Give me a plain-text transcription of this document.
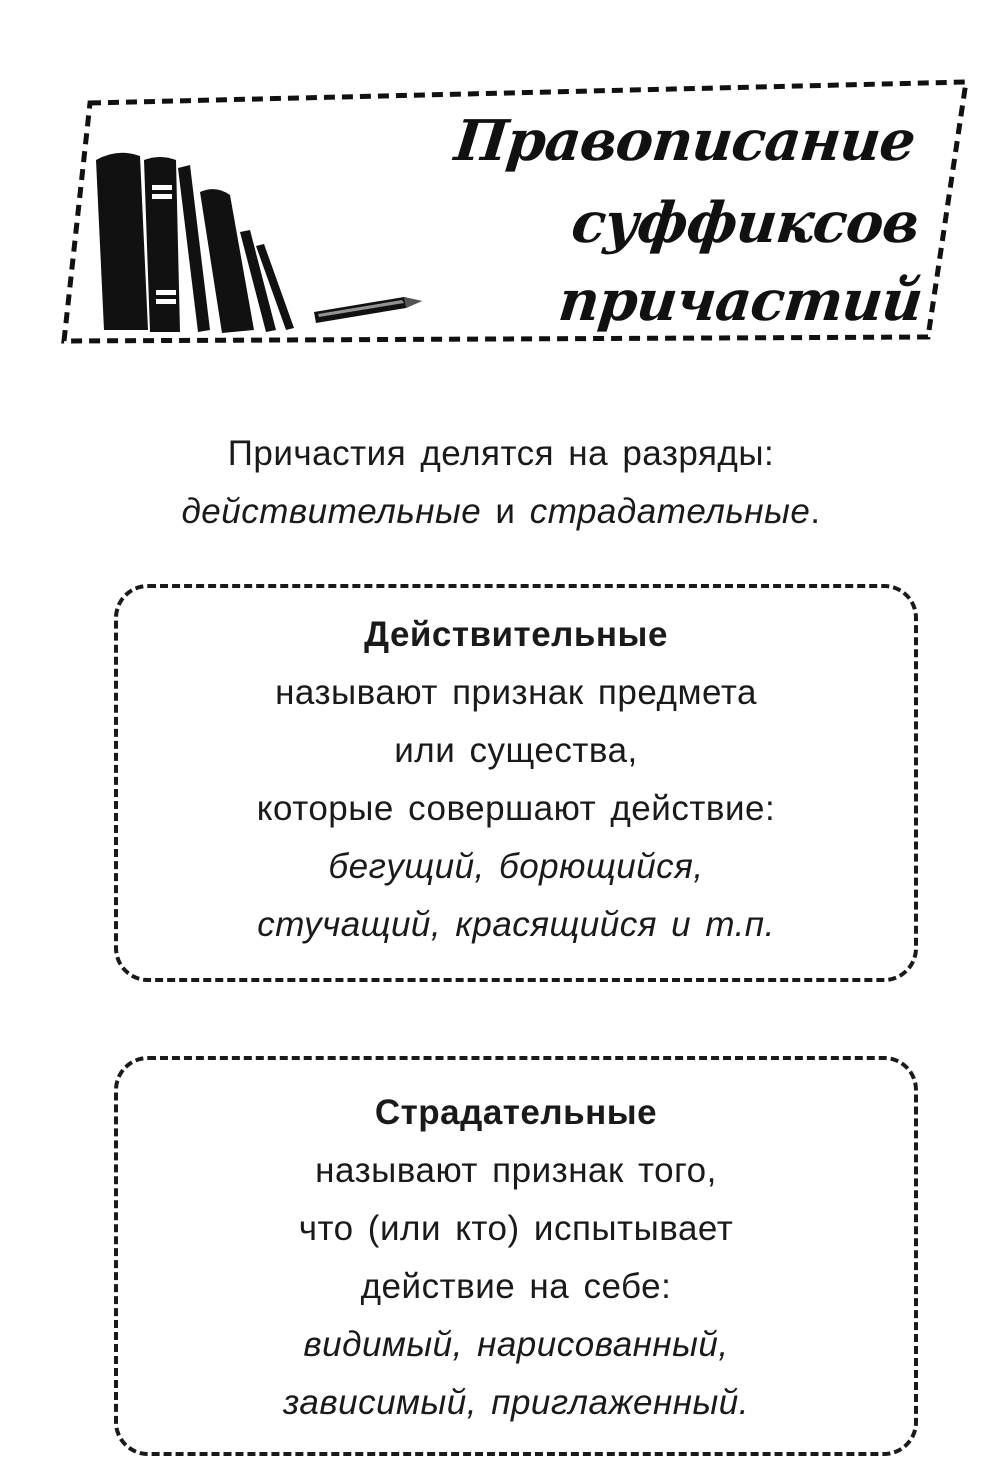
Правописание
суффиксов
причастий
Причастия делятся на разряды:
действительные и страдательные.
Действительные
называют признак предмета
или существа,
которые совершают действие:
бегущий, борющийся,
стучащий, красящийся и т.п.
Страдательные
называют признак того,
что (или кто) испытывает
действие на себе:
видимый, нарисованный,
зависимый, приглаженный.
